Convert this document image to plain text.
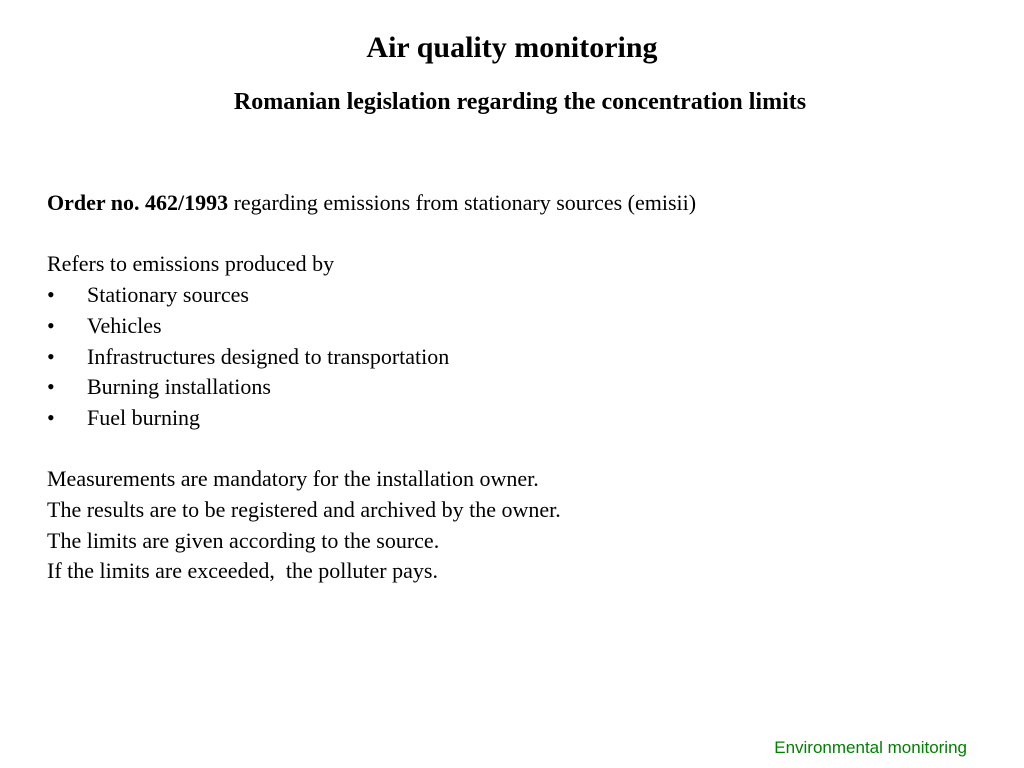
Air quality monitoring
Romanian legislation regarding the concentration limits

Order no. 462/1993 regarding emissions from stationary sources (emisii)

Refers to emissions produced by

• Stationary sources
• Vehicles
• Infrastructures designed to transportation
• Burning installations
• Fuel burning

Measurements are mandatory for the installation owner.

The results are to be registered and archived by the owner.

The limits are given according to the source.

If the limits are exceeded,  the polluter pays.

Environmental monitoring
